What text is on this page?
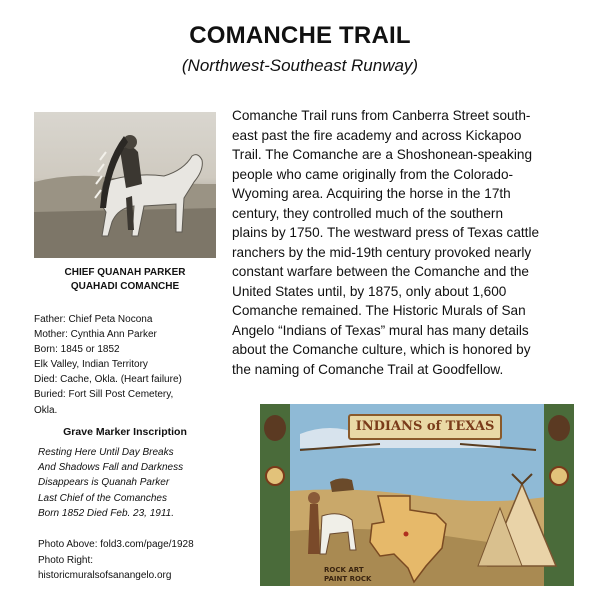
COMANCHE TRAIL
(Northwest-Southeast Runway)
CHIEF QUANAH PARKER
QUAHADI COMANCHE
Father: Chief Peta Nocona
Mother: Cynthia Ann Parker
Born: 1845 or 1852
Elk Valley, Indian Territory
Died: Cache, Okla. (Heart failure)
Buried: Fort Sill Post Cemetery,
Okla.
Grave Marker Inscription
Resting Here Until Day Breaks
And Shadows Fall and Darkness
Disappears is Quanah Parker
Last Chief of the Comanches
Born 1852 Died Feb. 23, 1911.
Photo Above: fold3.com/page/1928
Photo Right:
historicmuralsofsanangelo.org
Comanche Trail runs from Canberra Street south-
east past the fire academy and across Kickapoo
Trail. The Comanche are a Shoshonean-speaking
people who came originally from the Colorado-
Wyoming area. Acquiring the horse in the 17th
century, they controlled much of the southern
plains by 1750. The westward press of Texas cattle
ranchers by the mid-19th century provoked nearly
constant warfare between the Comanche and the
United States until, by 1875, only about 1,600
Comanche remained. The Historic Murals of San
Angelo “Indians of Texas” mural has many details
about the Comanche culture, which is honored by
the naming of Comanche Trail at Goodfellow.
ROCK ART
PAINT ROCK
INDIANS of TEXAS
